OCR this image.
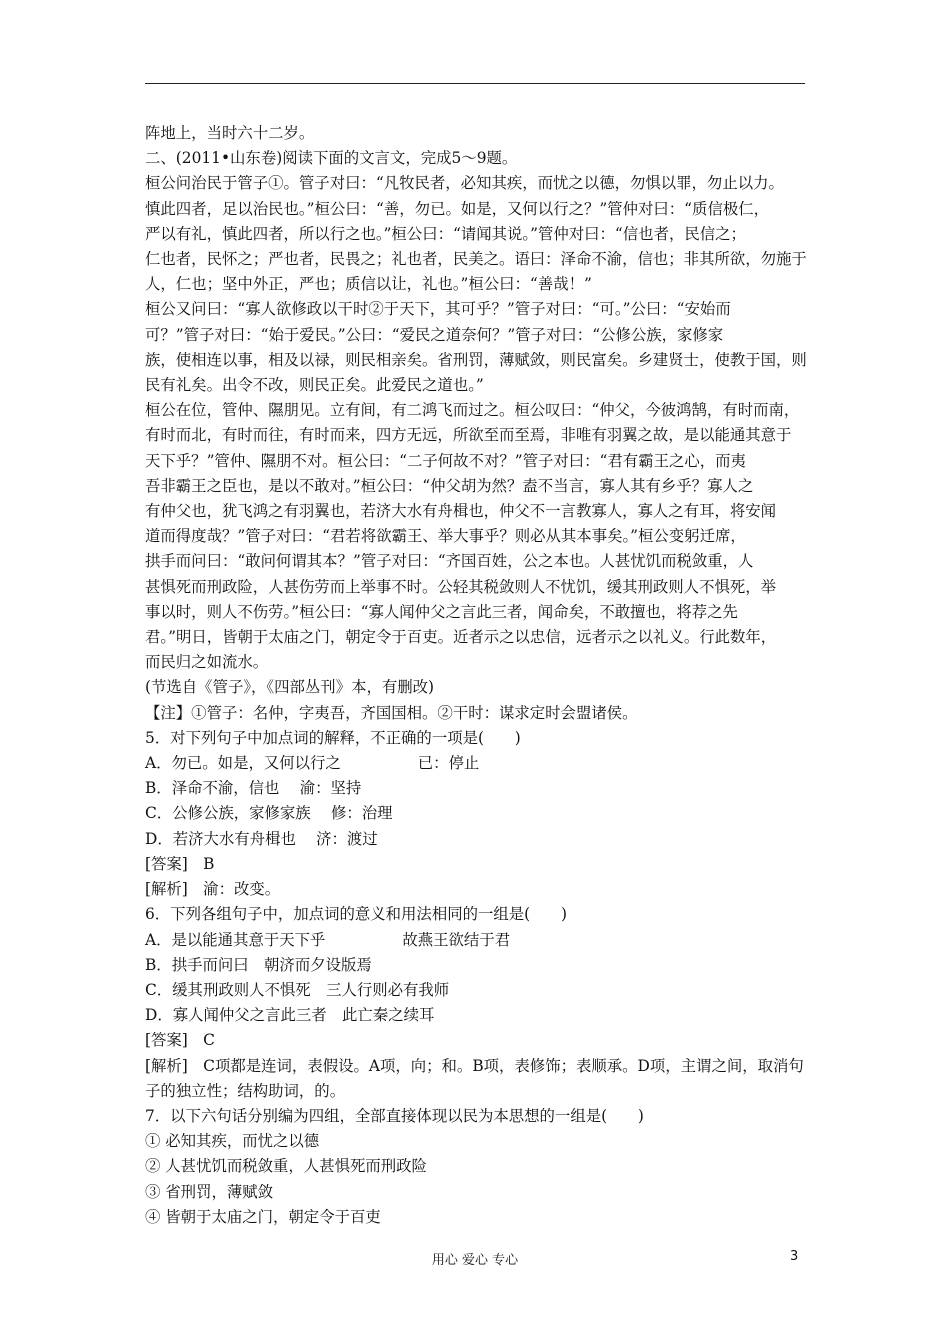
阵地上，当时六十二岁。

二、(2011•山东卷)阅读下面的文言文，完成5～9题。

桓公问治民于管子①。管子对曰：“凡牧民者，必知其疾，而忧之以德，勿惧以罪，勿止以力。

慎此四者，足以治民也。”桓公曰：“善，勿已。如是，又何以行之？”管仲对曰：“质信极仁，

严以有礼，慎此四者，所以行之也。”桓公曰：“请闻其说。”管仲对曰：“信也者，民信之；

仁也者，民怀之；严也者，民畏之；礼也者，民美之。语曰：泽命不渝，信也；非其所欲，勿施于

人，仁也；坚中外正，严也；质信以让，礼也。”桓公曰：“善哉！”

桓公又问曰：“寡人欲修政以干时②于天下，其可乎？”管子对曰：“可。”公曰：“安始而

可？”管子对曰：“始于爱民。”公曰：“爱民之道奈何？”管子对曰：“公修公族，家修家

族，使相连以事，相及以禄，则民相亲矣。省刑罚，薄赋敛，则民富矣。乡建贤士，使教于国，则

民有礼矣。出令不改，则民正矣。此爱民之道也。”

桓公在位，管仲、隰朋见。立有间，有二鸿飞而过之。桓公叹曰：“仲父，今彼鸿鹄，有时而南，

有时而北，有时而往，有时而来，四方无远，所欲至而至焉，非唯有羽翼之故，是以能通其意于

天下乎？”管仲、隰朋不对。桓公曰：“二子何故不对？”管子对曰：“君有霸王之心，而夷

吾非霸王之臣也，是以不敢对。”桓公曰：“仲父胡为然？盍不当言，寡人其有乡乎？寡人之

有仲父也，犹飞鸿之有羽翼也，若济大水有舟楫也，仲父不一言教寡人，寡人之有耳，将安闻

道而得度哉？”管子对曰：“君若将欲霸王、举大事乎？则必从其本事矣。”桓公变躬迁席，

拱手而问曰：“敢问何谓其本？”管子对曰：“齐国百姓，公之本也。人甚忧饥而税敛重，人

甚惧死而刑政险，人甚伤劳而上举事不时。公轻其税敛则人不忧饥，缓其刑政则人不惧死，举

事以时，则人不伤劳。”桓公曰：“寡人闻仲父之言此三者，闻命矣，不敢擅也，将荐之先

君。”明日，皆朝于太庙之门，朝定令于百吏。近者示之以忠信，远者示之以礼义。行此数年，

而民归之如流水。

(节选自《管子》，《四部丛刊》本，有删改)

【注】①管子：名仲，字夷吾，齐国国相。②干时：谋求定时会盟诸侯。

5．对下列句子中加点词的解释，不正确的一项是(　　)

A．勿已。如是，又何以行之　　　　　已：停止

B．泽命不渝，信也　 渝：坚持

C．公修公族，家修家族　 修：治理

D．若济大水有舟楫也　 济：渡过

[答案]　B

[解析]　渝：改变。

6．下列各组句子中，加点词的意义和用法相同的一组是(　　)

A．是以能通其意于天下乎　　　　　故燕王欲结于君

B．拱手而问曰　朝济而夕设版焉

C．缓其刑政则人不惧死　三人行则必有我师

D．寡人闻仲父之言此三者　此亡秦之续耳

[答案]　C

[解析]　C项都是连词，表假设。A项，向；和。B项，表修饰；表顺承。D项，主谓之间，取消句

子的独立性；结构助词，的。

7．以下六句话分别编为四组，全部直接体现以民为本思想的一组是(　　)

① 必知其疾，而忧之以德

② 人甚忧饥而税敛重，人甚惧死而刑政险

③ 省刑罚，薄赋敛

④ 皆朝于太庙之门，朝定令于百吏

用心 爱心 专心	3
